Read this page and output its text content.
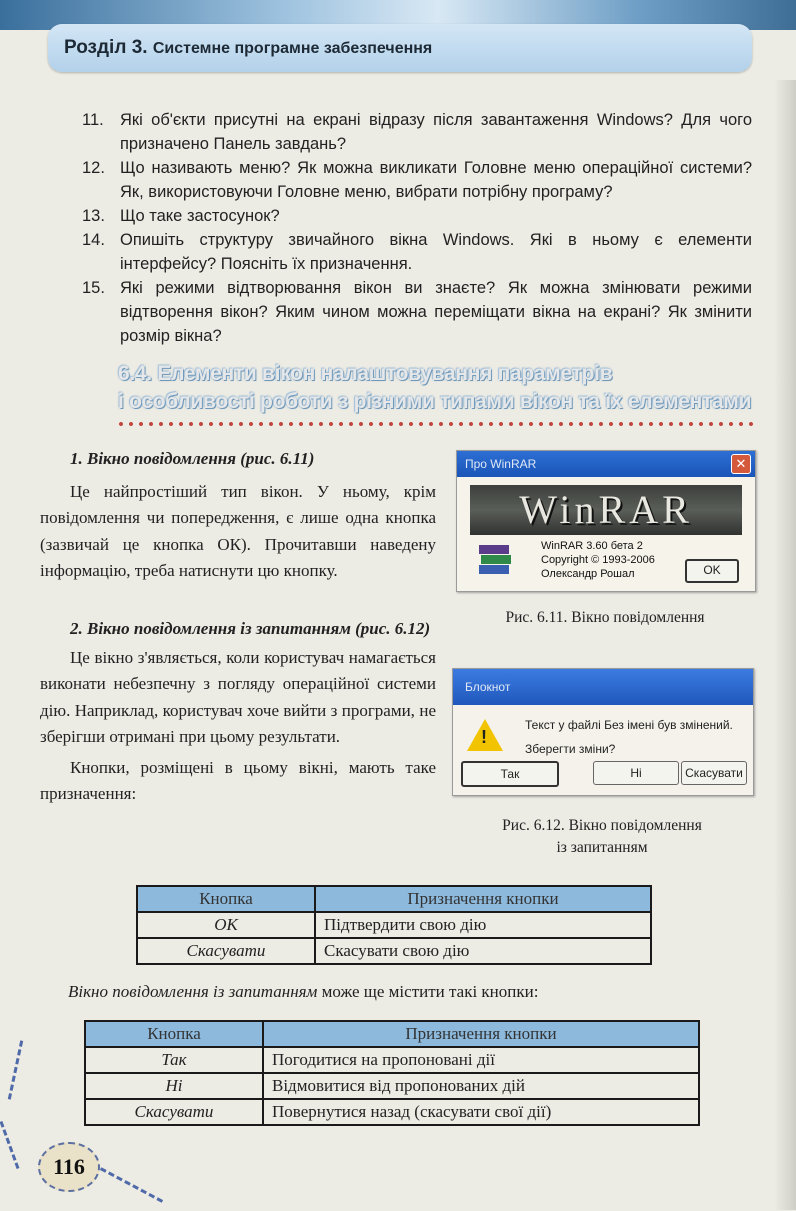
Розділ 3. Системне програмне забезпечення
11. Які об'єкти присутні на екрані відразу після завантаження Windows? Для чого призначено Панель завдань?
12. Що називають меню? Як можна викликати Головне меню операційної системи? Як, використовуючи Головне меню, вибрати потрібну програму?
13. Що таке застосунок?
14. Опишіть структуру звичайного вікна Windows. Які в ньому є елементи інтерфейсу? Поясніть їх призначення.
15. Які режими відтворювання вікон ви знаєте? Як можна змінювати режими відтворення вікон? Яким чином можна переміщати вікна на екрані? Як змінити розмір вікна?
6.4. Елементи вікон налаштовування параметрів
і особливості роботи з різними типами вікон та їх елементами
1. Вікно повідомлення (рис. 6.11)

Це найпростіший тип вікон. У ньому, крім повідомлення чи попередження, є лише одна кнопка (зазвичай це кнопка ОК). Прочитавши наведену інформацію, треба натиснути цю кнопку.

2. Вікно повідомлення із запитанням (рис. 6.12)

Це вікно з'являється, коли користувач намагається виконати небезпечну з погляду операційної системи дію. Наприклад, користувач хоче вийти з програми, не зберігши отримані при цьому результати.

Кнопки, розміщені в цьому вікні, мають таке призначення:

Про WinRAR	✕
WinRAR
WinRAR 3.60 бета 2
Copyright © 1993-2006
Олександр Рошал	OK
Рис. 6.11. Вікно повідомлення
Блокнот
!
Текст у файлі Без імені був змінений.
Зберегти зміни?
Так	Ні	Скасувати
Рис. 6.12. Вікно повідомлення
із запитанням
Кнопка	Призначення кнопки
ОК	Підтвердити свою дію
Скасувати	Скасувати свою дію
Вікно повідомлення із запитанням може ще містити такі кнопки:
Кнопка	Призначення кнопки
Так	Погодитися на пропоновані дії
Ні	Відмовитися від пропонованих дій
Скасувати	Повернутися назад (скасувати свої дії)
116
